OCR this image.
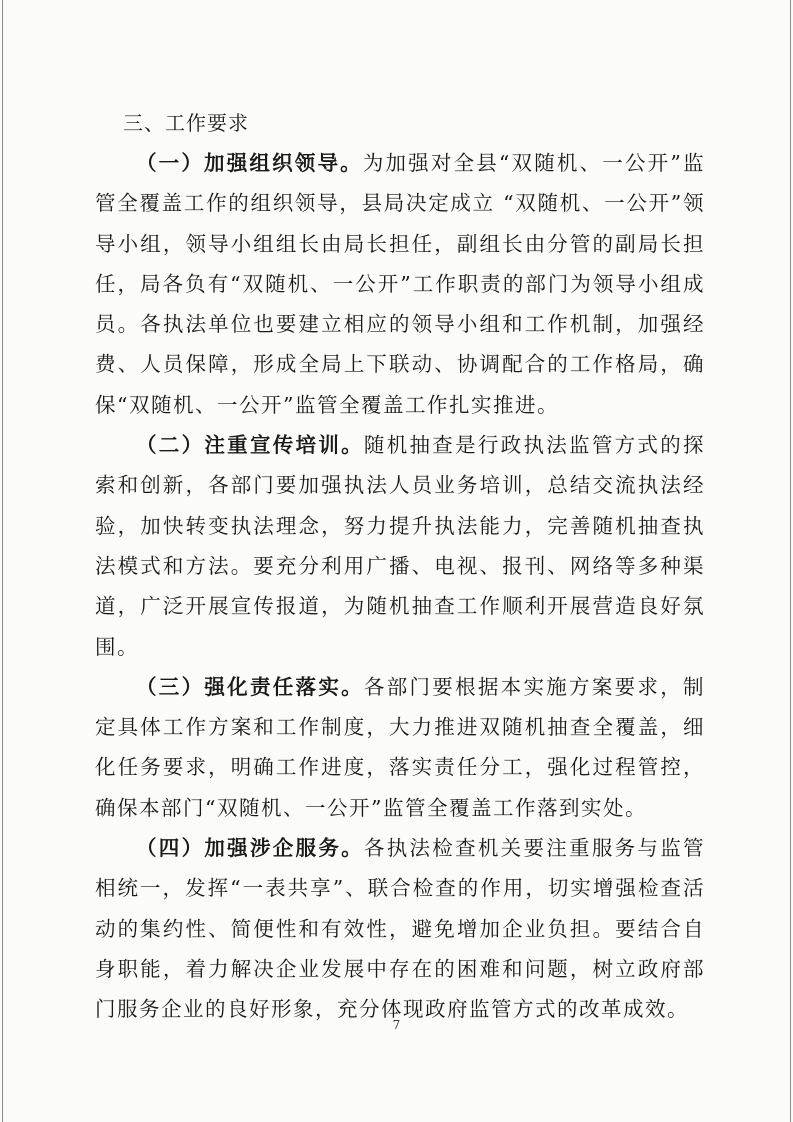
三、工作要求

（一）加强组织领导。为加强对全县“双随机、一公开”监管全覆盖工作的组织领导，县局决定成立 “双随机、一公开”领导小组，领导小组组长由局长担任，副组长由分管的副局长担任，局各负有“双随机、一公开”工作职责的部门为领导小组成员。各执法单位也要建立相应的领导小组和工作机制，加强经费、人员保障，形成全局上下联动、协调配合的工作格局，确保“双随机、一公开”监管全覆盖工作扎实推进。

（二）注重宣传培训。随机抽查是行政执法监管方式的探索和创新，各部门要加强执法人员业务培训，总结交流执法经验，加快转变执法理念，努力提升执法能力，完善随机抽查执法模式和方法。要充分利用广播、电视、报刊、网络等多种渠道，广泛开展宣传报道，为随机抽查工作顺利开展营造良好氛围。

（三）强化责任落实。各部门要根据本实施方案要求，制定具体工作方案和工作制度，大力推进双随机抽查全覆盖，细化任务要求，明确工作进度，落实责任分工，强化过程管控，确保本部门“双随机、一公开”监管全覆盖工作落到实处。

（四）加强涉企服务。各执法检查机关要注重服务与监管相统一，发挥“一表共享”、联合检查的作用，切实增强检查活动的集约性、简便性和有效性，避免增加企业负担。要结合自身职能，着力解决企业发展中存在的困难和问题，树立政府部门服务企业的良好形象，充分体现政府监管方式的改革成效。

7
